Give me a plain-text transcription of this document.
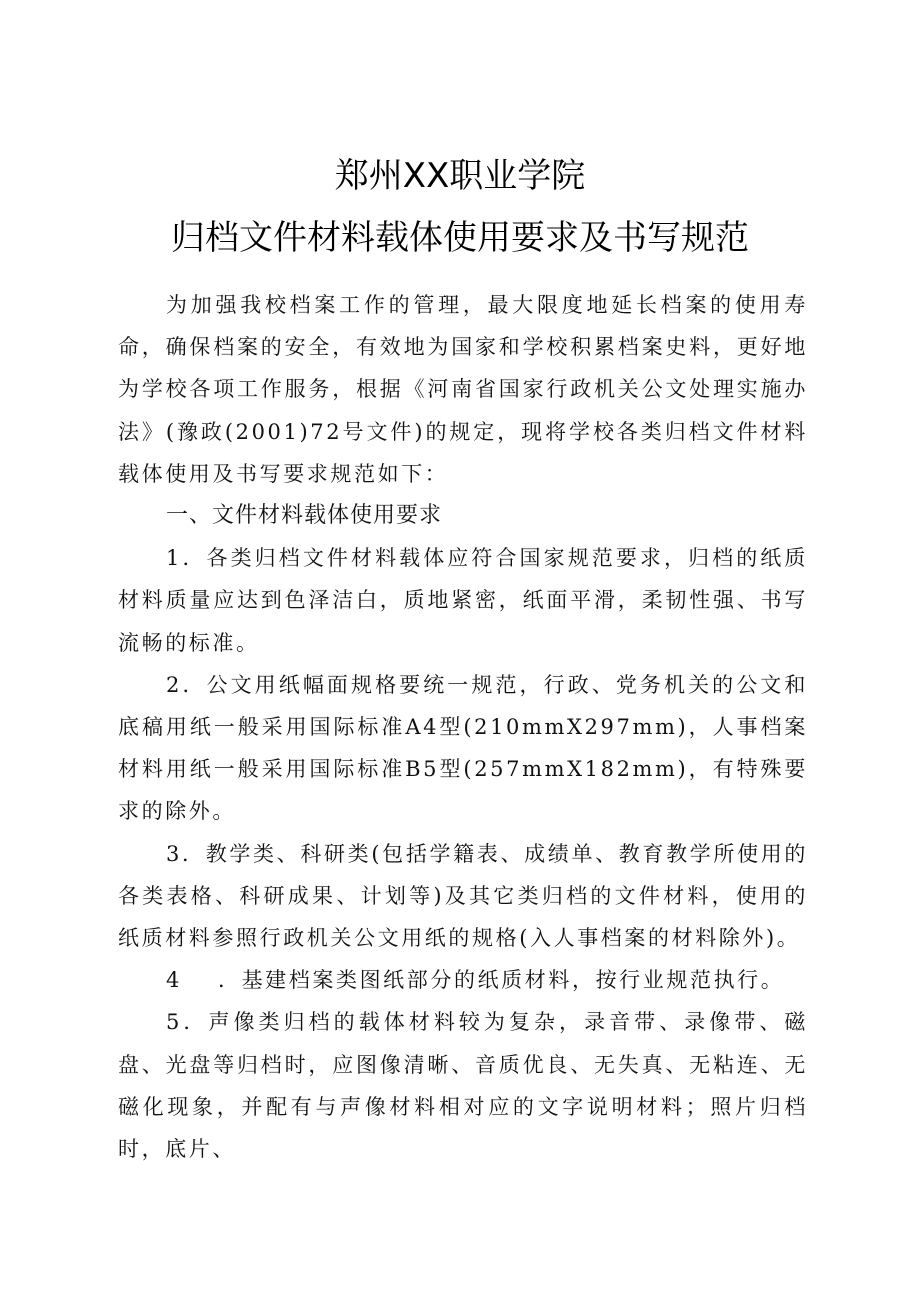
郑州XX职业学院
归档文件材料载体使用要求及书写规范

为加强我校档案工作的管理，最大限度地延长档案的使用寿命，确保档案的安全，有效地为国家和学校积累档案史料，更好地为学校各项工作服务，根据《河南省国家行政机关公文处理实施办法》(豫政(2001)72号文件)的规定，现将学校各类归档文件材料载体使用及书写要求规范如下：

一、文件材料载体使用要求

1．各类归档文件材料载体应符合国家规范要求，归档的纸质材料质量应达到色泽洁白，质地紧密，纸面平滑，柔韧性强、书写流畅的标准。

2．公文用纸幅面规格要统一规范，行政、党务机关的公文和底稿用纸一般采用国际标准A4型(210mmX297mm)，人事档案材料用纸一般采用国际标准B5型(257mmX182mm)，有特殊要求的除外。

3．教学类、科研类(包括学籍表、成绩单、教育教学所使用的各类表格、科研成果、计划等)及其它类归档的文件材料，使用的纸质材料参照行政机关公文用纸的规格(入人事档案的材料除外)。

4 ．基建档案类图纸部分的纸质材料，按行业规范执行。

5．声像类归档的载体材料较为复杂，录音带、录像带、磁盘、光盘等归档时，应图像清晰、音质优良、无失真、无粘连、无磁化现象，并配有与声像材料相对应的文字说明材料；照片归档时，底片、
